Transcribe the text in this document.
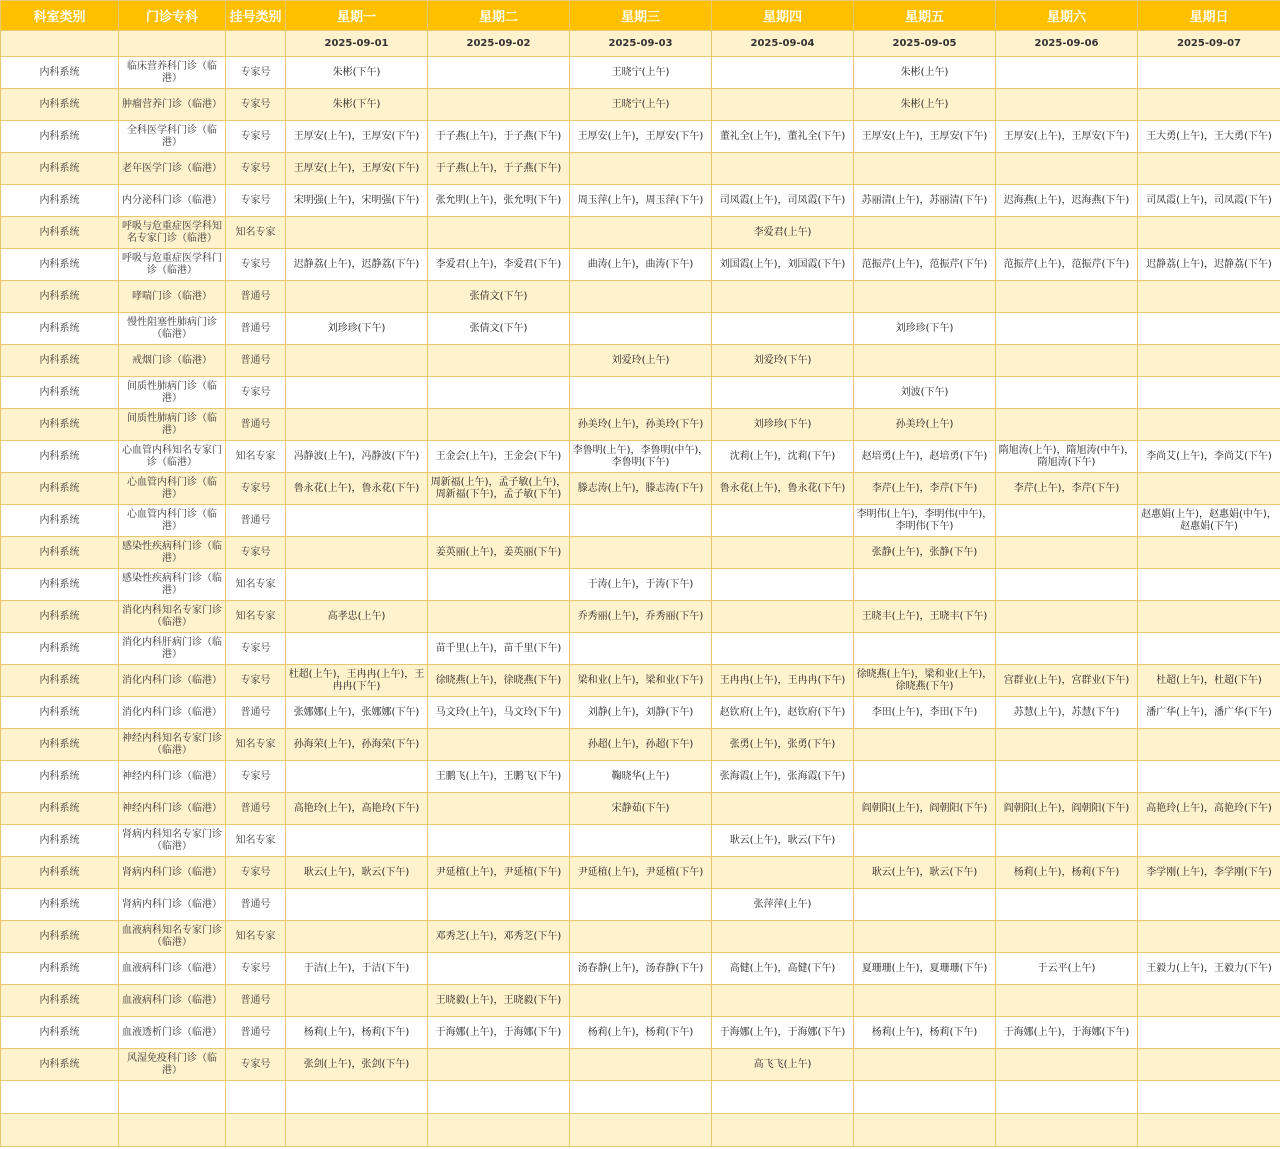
科室类别	门诊专科	挂号类别	星期一	星期二	星期三	星期四	星期五	星期六	星期日
			2025-09-01	2025-09-02	2025-09-03	2025-09-04	2025-09-05	2025-09-06	2025-09-07
内科系统	临床营养科门诊（临港）	专家号	朱彬(下午)		王晓宁(上午)		朱彬(上午)		
内科系统	肿瘤营养门诊（临港）	专家号	朱彬(下午)		王晓宁(上午)		朱彬(上午)		
内科系统	全科医学科门诊（临港）	专家号	王厚安(上午)，王厚安(下午)	于子燕(上午)，于子燕(下午)	王厚安(上午)，王厚安(下午)	董礼全(上午)，董礼全(下午)	王厚安(上午)，王厚安(下午)	王厚安(上午)，王厚安(下午)	王大勇(上午)，王大勇(下午)
内科系统	老年医学门诊（临港）	专家号	王厚安(上午)，王厚安(下午)	于子燕(上午)，于子燕(下午)					
内科系统	内分泌科门诊（临港）	专家号	宋明强(上午)，宋明强(下午)	张允明(上午)，张允明(下午)	周玉萍(上午)，周玉萍(下午)	司凤霞(上午)，司凤霞(下午)	苏丽清(上午)，苏丽清(下午)	迟海燕(上午)，迟海燕(下午)	司凤霞(上午)，司凤霞(下午)
内科系统	呼吸与危重症医学科知名专家门诊（临港）	知名专家				李爱君(上午)			
内科系统	呼吸与危重症医学科门诊（临港）	专家号	迟静荔(上午)，迟静荔(下午)	李爱君(上午)，李爱君(下午)	曲涛(上午)，曲涛(下午)	刘国霞(上午)，刘国霞(下午)	范振芹(上午)，范振芹(下午)	范振芹(上午)，范振芹(下午)	迟静荔(上午)，迟静荔(下午)
内科系统	哮喘门诊（临港）	普通号		张倩文(下午)					
内科系统	慢性阻塞性肺病门诊（临港）	普通号	刘珍珍(下午)	张倩文(下午)			刘珍珍(下午)		
内科系统	戒烟门诊（临港）	普通号			刘爱玲(上午)	刘爱玲(下午)			
内科系统	间质性肺病门诊（临港）	专家号					刘波(下午)		
内科系统	间质性肺病门诊（临港）	普通号			孙美玲(上午)，孙美玲(下午)	刘珍珍(下午)	孙美玲(上午)		
内科系统	心血管内科知名专家门诊（临港）	知名专家	冯静波(上午)，冯静波(下午)	王金会(上午)，王金会(下午)	李鲁明(上午)，李鲁明(中午)，李鲁明(下午)	沈莉(上午)，沈莉(下午)	赵培勇(上午)，赵培勇(下午)	隋旭涛(上午)，隋旭涛(中午)，隋旭涛(下午)	李尚艾(上午)，李尚艾(下午)
内科系统	心血管内科门诊（临港）	专家号	鲁永花(上午)，鲁永花(下午)	周新福(上午)，孟子敏(上午)，周新福(下午)，孟子敏(下午)	滕志涛(上午)，滕志涛(下午)	鲁永花(上午)，鲁永花(下午)	李芹(上午)，李芹(下午)	李芹(上午)，李芹(下午)	
内科系统	心血管内科门诊（临港）	普通号					李明伟(上午)，李明伟(中午)，李明伟(下午)		赵惠娟(上午)，赵惠娟(中午)，赵惠娟(下午)
内科系统	感染性疾病科门诊（临港）	专家号		姜英丽(上午)，姜英丽(下午)			张静(上午)，张静(下午)		
内科系统	感染性疾病科门诊（临港）	知名专家			于涛(上午)，于涛(下午)				
内科系统	消化内科知名专家门诊（临港）	知名专家	高孝忠(上午)		乔秀丽(上午)，乔秀丽(下午)		王晓丰(上午)，王晓丰(下午)		
内科系统	消化内科肝病门诊（临港）	专家号		苗千里(上午)，苗千里(下午)					
内科系统	消化内科门诊（临港）	专家号	杜超(上午)，王冉冉(上午)，王冉冉(下午)	徐晓燕(上午)，徐晓燕(下午)	梁和业(上午)，梁和业(下午)	王冉冉(上午)，王冉冉(下午)	徐晓燕(上午)，梁和业(上午)，徐晓燕(下午)	宫群业(上午)，宫群业(下午)	杜超(上午)，杜超(下午)
内科系统	消化内科门诊（临港）	普通号	张娜娜(上午)，张娜娜(下午)	马文玲(上午)，马文玲(下午)	刘静(上午)，刘静(下午)	赵钦府(上午)，赵钦府(下午)	李田(上午)，李田(下午)	苏慧(上午)，苏慧(下午)	潘广华(上午)，潘广华(下午)
内科系统	神经内科知名专家门诊（临港）	知名专家	孙海荣(上午)，孙海荣(下午)		孙超(上午)，孙超(下午)	张勇(上午)，张勇(下午)			
内科系统	神经内科门诊（临港）	专家号		王鹏飞(上午)，王鹏飞(下午)	鞠晓华(上午)	张海霞(上午)，张海霞(下午)			
内科系统	神经内科门诊（临港）	普通号	高艳玲(上午)，高艳玲(下午)		宋静茹(下午)		阎朝阳(上午)，阎朝阳(下午)	阎朝阳(上午)，阎朝阳(下午)	高艳玲(上午)，高艳玲(下午)
内科系统	肾病内科知名专家门诊（临港）	知名专家				耿云(上午)，耿云(下午)			
内科系统	肾病内科门诊（临港）	专家号	耿云(上午)，耿云(下午)	尹延植(上午)，尹延植(下午)	尹延植(上午)，尹延植(下午)		耿云(上午)，耿云(下午)	杨莉(上午)，杨莉(下午)	李学刚(上午)，李学刚(下午)
内科系统	肾病内科门诊（临港）	普通号				张萍萍(上午)			
内科系统	血液病科知名专家门诊（临港）	知名专家		邓秀芝(上午)，邓秀芝(下午)					
内科系统	血液病科门诊（临港）	专家号	于洁(上午)，于洁(下午)		汤春静(上午)，汤春静(下午)	高健(上午)，高健(下午)	夏珊珊(上午)，夏珊珊(下午)	于云平(上午)	王毅力(上午)，王毅力(下午)
内科系统	血液病科门诊（临港）	普通号		王晓毅(上午)，王晓毅(下午)					
内科系统	血液透析门诊（临港）	普通号	杨莉(上午)，杨莉(下午)	于海娜(上午)，于海娜(下午)	杨莉(上午)，杨莉(下午)	于海娜(上午)，于海娜(下午)	杨莉(上午)，杨莉(下午)	于海娜(上午)，于海娜(下午)	
内科系统	风湿免疫科门诊（临港）	专家号	张剑(上午)，张剑(下午)			高飞飞(上午)			
